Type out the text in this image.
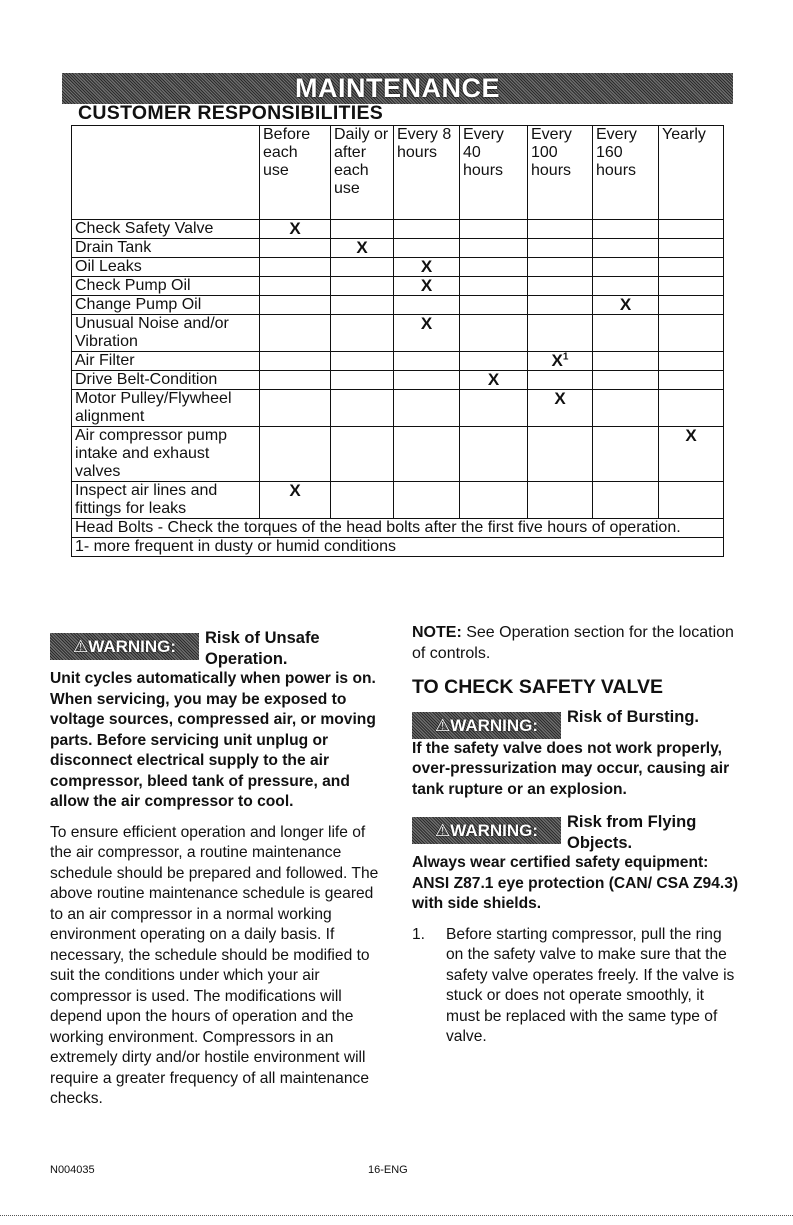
MAINTENANCE
CUSTOMER RESPONSIBILITIES
	Before each use	Daily or after each use	Every 8 hours	Every 40 hours	Every 100 hours	Every 160 hours	Yearly
Check Safety Valve	X						
Drain Tank		X					
Oil Leaks			X				
Check Pump Oil			X				
Change Pump Oil						X	
Unusual Noise and/or Vibration			X				
Air Filter					$X^1$		
Drive Belt-Condition				X			
Motor Pulley/Flywheel alignment					X		
Air compressor pump intake and exhaust valves							X
Inspect air lines and fittings for leaks	X						
Head Bolts - Check the torques of the head bolts after the first five hours of operation.							
1- more frequent in dusty or humid conditions							
⚠WARNING:	Risk of Unsafe Operation.
Unit cycles automatically when power is on. When servicing, you may be exposed to voltage sources, compressed air, or moving parts. Before servicing unit unplug or disconnect electrical supply to the air compressor, bleed tank of pressure, and allow the air compressor to cool.
To ensure efficient operation and longer life of the air compressor, a routine maintenance schedule should be prepared and followed. The above routine maintenance schedule is geared to an air compressor in a normal working environment operating on a daily basis. If necessary, the schedule should be modified to suit the conditions under which your air compressor is used. The modifications will depend upon the hours of operation and the working environment. Compressors in an extremely dirty and/or hostile environment will require a greater frequency of all maintenance checks.
NOTE: See Operation section for the location of controls.
TO CHECK SAFETY VALVE
⚠WARNING:	Risk of Bursting.
If the safety valve does not work properly, over-pressurization may occur, causing air tank rupture or an explosion.
⚠WARNING:	Risk from Flying Objects.
Always wear certified safety equipment: ANSI Z87.1 eye protection (CAN/ CSA Z94.3) with side shields.
1.	Before starting compressor, pull the ring on the safety valve to make sure that the safety valve operates freely. If the valve is stuck or does not operate smoothly, it must be replaced with the same type of valve.
N004035	16-ENG
